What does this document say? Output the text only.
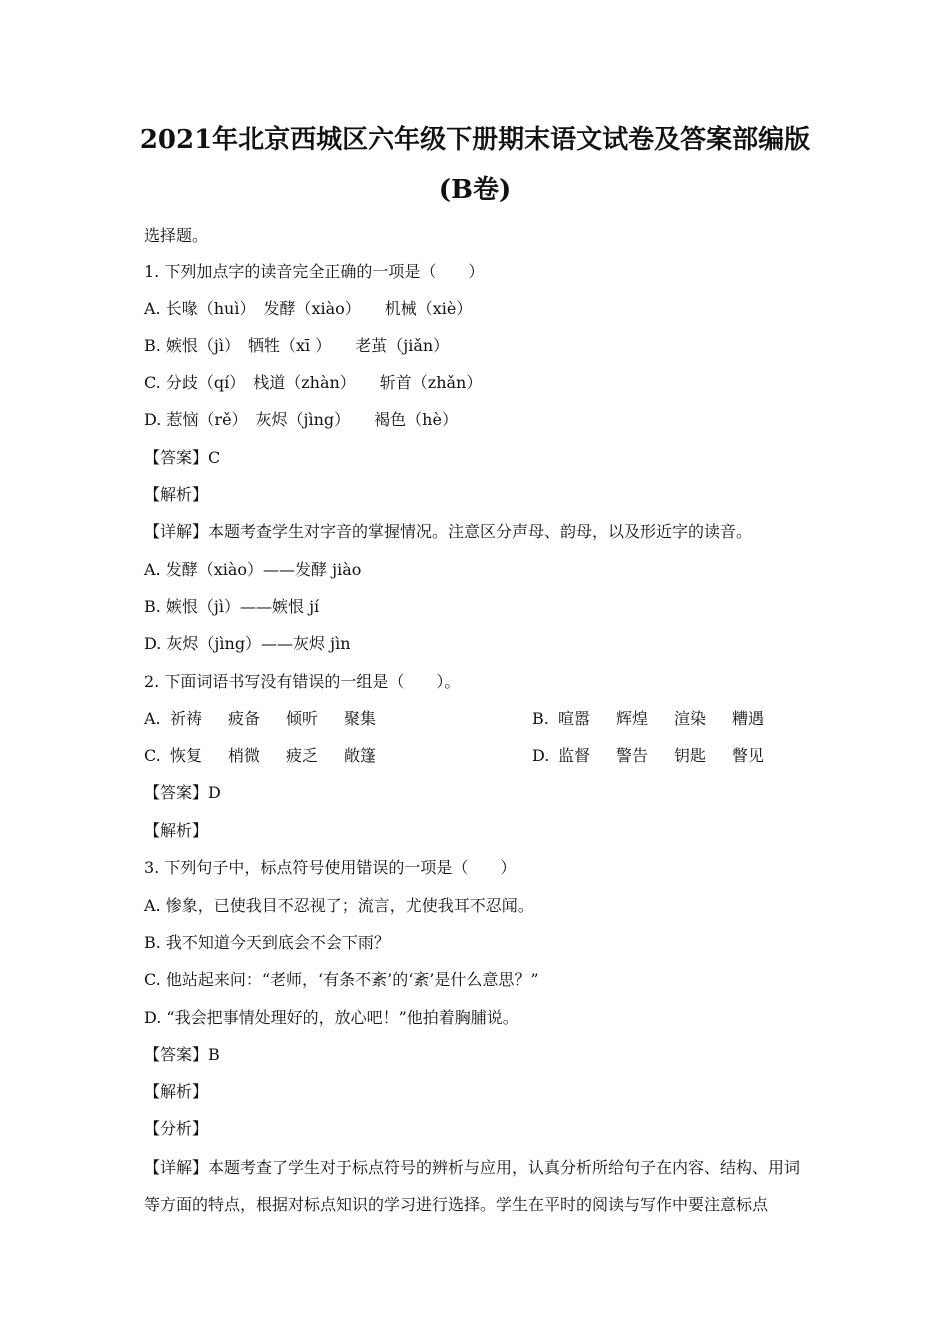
2021年北京西城区六年级下册期末语文试卷及答案部编版
(B卷)
选择题。
1. 下列加点字的读音完全正确的一项是（　　）
A. 长喙（huì）　发酵（xiào）　　机械（xiè）
B. 嫉恨（jì）　牺牲（xī ）　　老茧（jiǎn）
C. 分歧（qí）　栈道（zhàn）　　斩首（zhǎn）
D. 惹恼（rě）　灰烬（jìng）　　褐色（hè）
【答案】C
【解析】
【详解】本题考查学生对字音的掌握情况。注意区分声母、韵母，以及形近字的读音。
A. 发酵（xiào）——发酵 jiào
B. 嫉恨（jì）——嫉恨 jí
D. 灰烬（jìng）——灰烬 jìn
2. 下面词语书写没有错误的一组是（　　）。
A. 祈祷 疲备 倾听 聚集	B. 喧嚣 辉煌 渲染 糟遇
C. 恢复 梢微 疲乏 敞篷	D. 监督 警告 钥匙 瞥见
【答案】D
【解析】
3. 下列句子中，标点符号使用错误的一项是（　　）
A. 惨象，已使我目不忍视了；流言，尤使我耳不忍闻。
B. 我不知道今天到底会不会下雨？
C. 他站起来问：“老师，‘有条不紊’的‘紊’是什么意思？”
D. “我会把事情处理好的，放心吧！”他拍着胸脯说。
【答案】B
【解析】
【分析】
【详解】本题考查了学生对于标点符号的辨析与应用，认真分析所给句子在内容、结构、用词等方面的特点，根据对标点知识的学习进行选择。学生在平时的阅读与写作中要注意标点
